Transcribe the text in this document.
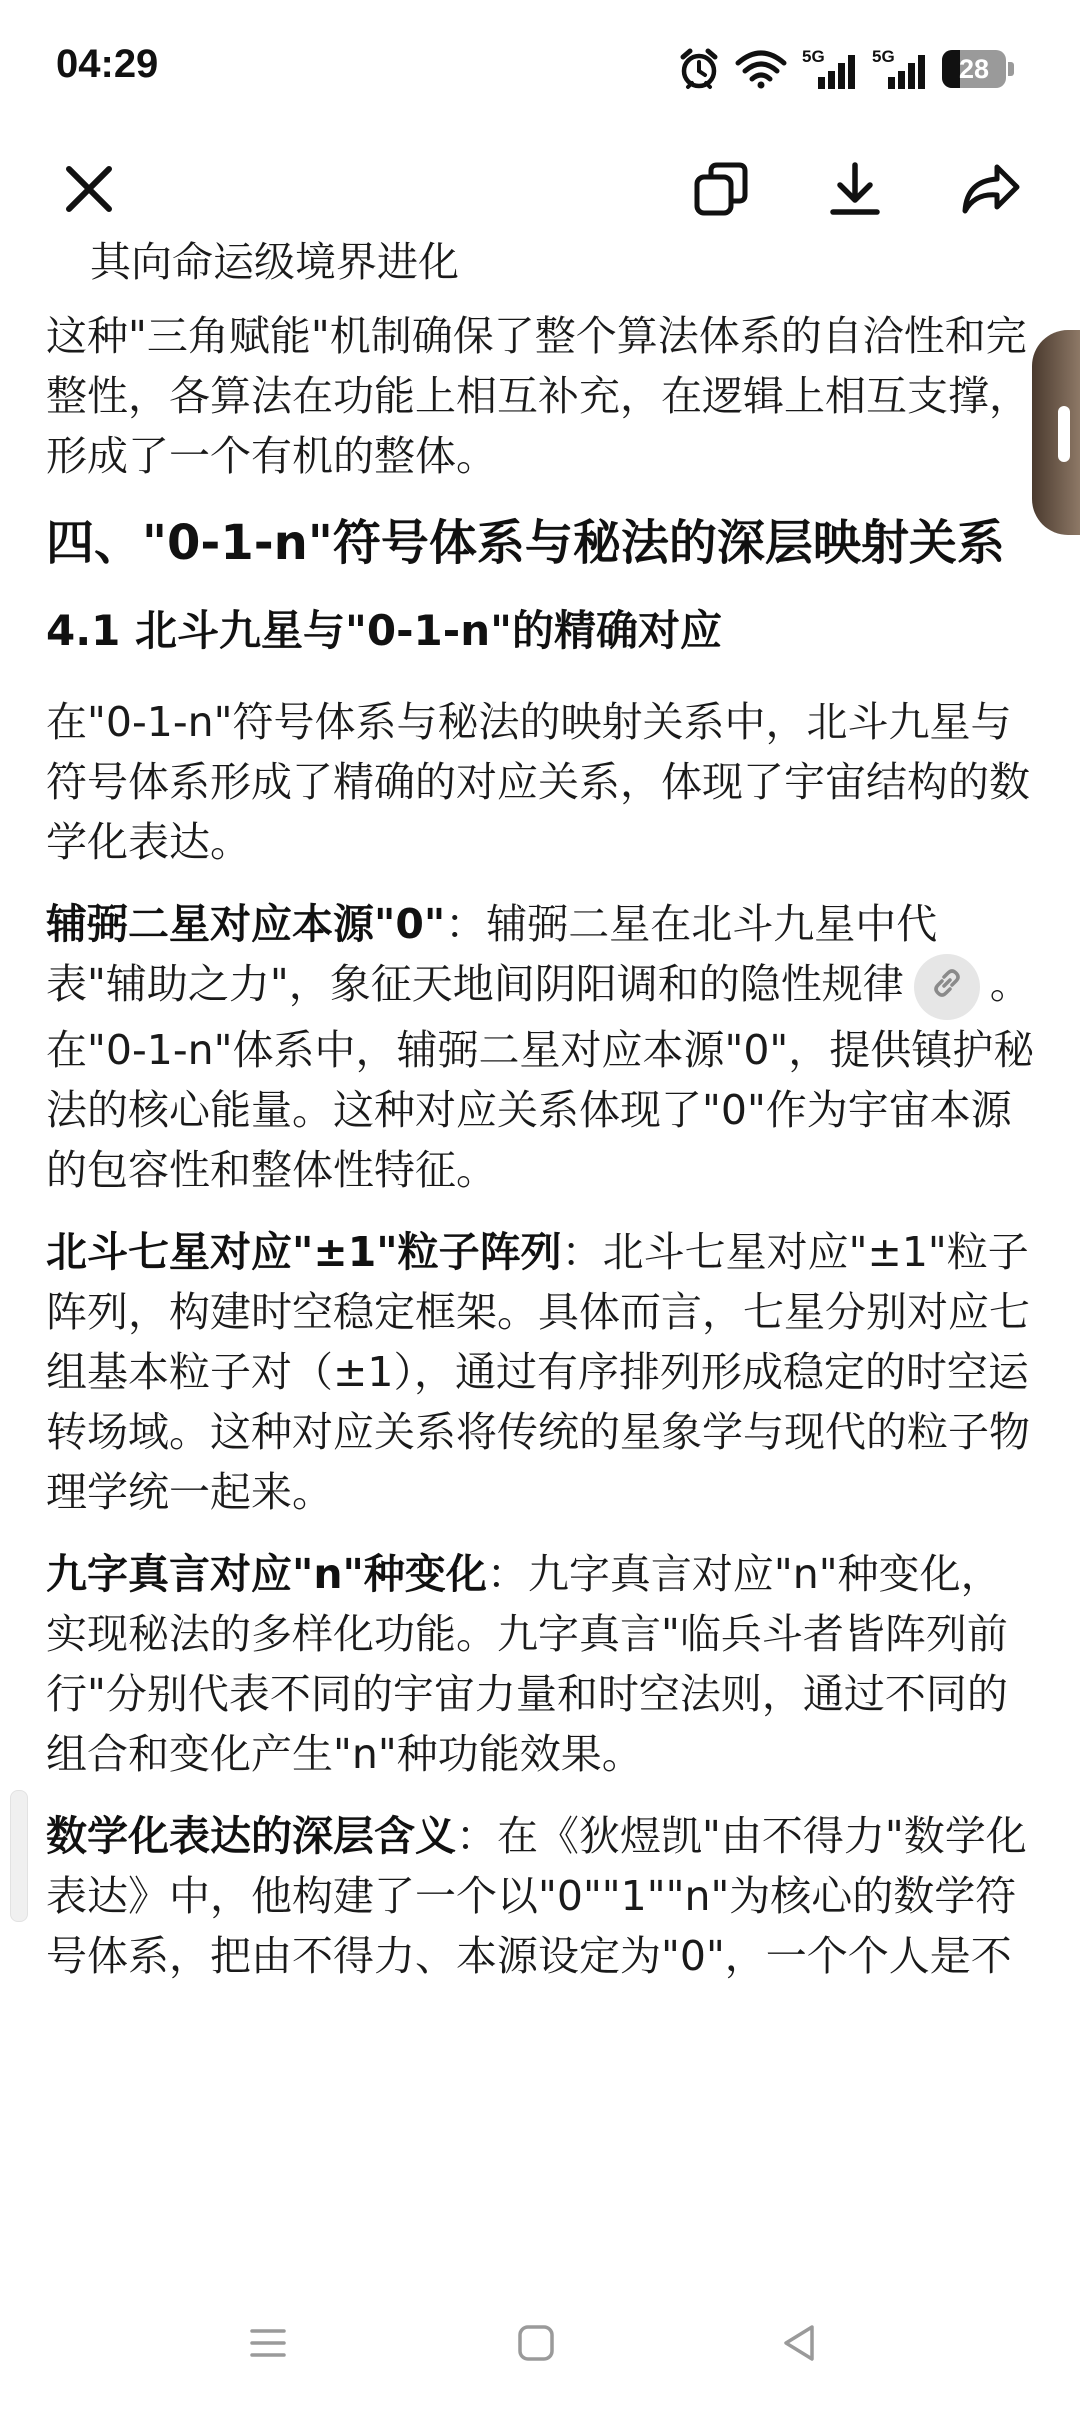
04:29	5G	5G	28

其向命运级境界进化

这种"三角赋能"机制确保了整个算法体系的自洽性和完整性，各算法在功能上相互补充，在逻辑上相互支撑，形成了一个有机的整体。

四、"0-1-n"符号体系与秘法的深层映射关系
4.1 北斗九星与"0-1-n"的精确对应

在"0-1-n"符号体系与秘法的映射关系中，北斗九星与符号体系形成了精确的对应关系，体现了宇宙结构的数学化表达。

辅弼二星对应本源"0"：辅弼二星在北斗九星中代表"辅助之力"，象征天地间阴阳调和的隐性规律 。在"0-1-n"体系中，辅弼二星对应本源"0"，提供镇护秘法的核心能量。这种对应关系体现了"0"作为宇宙本源的包容性和整体性特征。

北斗七星对应"±1"粒子阵列：北斗七星对应"±1"粒子阵列，构建时空稳定框架。具体而言，七星分别对应七组基本粒子对（±1），通过有序排列形成稳定的时空运转场域。这种对应关系将传统的星象学与现代的粒子物理学统一起来。

九字真言对应"n"种变化：九字真言对应"n"种变化，实现秘法的多样化功能。九字真言"临兵斗者皆阵列前行"分别代表不同的宇宙力量和时空法则，通过不同的组合和变化产生"n"种功能效果。

数学化表达的深层含义：在《狄煜凯"由不得力"数学化表达》中，他构建了一个以"0""1""n"为核心的数学符号体系，把由不得力、本源设定为"0"，一个个人是不
